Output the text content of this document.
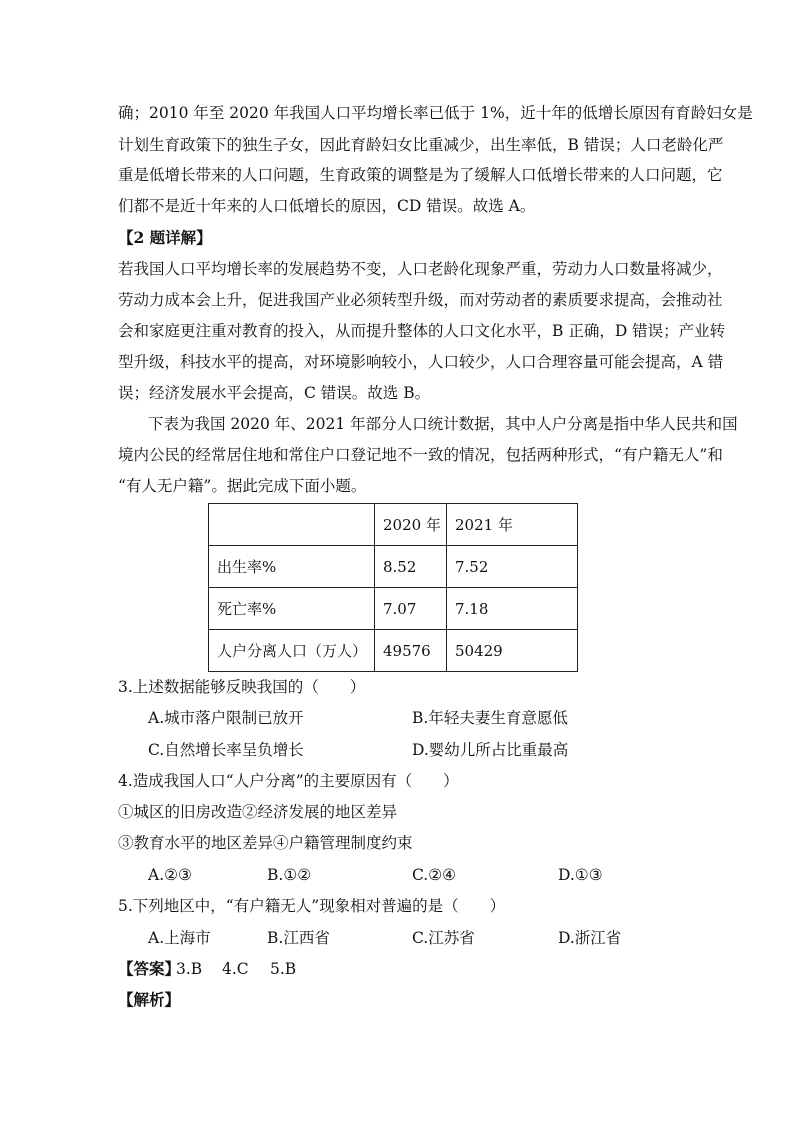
确；2010 年至 2020 年我国人口平均增长率已低于 1%，近十年的低增长原因有育龄妇女是
计划生育政策下的独生子女，因此育龄妇女比重减少，出生率低，B 错误；人口老龄化严
重是低增长带来的人口问题，生育政策的调整是为了缓解人口低增长带来的人口问题，它
们都不是近十年来的人口低增长的原因，CD 错误。故选 A。
【2 题详解】
若我国人口平均增长率的发展趋势不变，人口老龄化现象严重，劳动力人口数量将减少，
劳动力成本会上升，促进我国产业必须转型升级，而对劳动者的素质要求提高，会推动社
会和家庭更注重对教育的投入，从而提升整体的人口文化水平，B 正确，D 错误；产业转
型升级，科技水平的提高，对环境影响较小，人口较少，人口合理容量可能会提高，A 错
误；经济发展水平会提高，C 错误。故选 B。
下表为我国 2020 年、2021 年部分人口统计数据，其中人户分离是指中华人民共和国
境内公民的经常居住地和常住户口登记地不一致的情况，包括两种形式，“有户籍无人”和
“有人无户籍”。据此完成下面小题。
	2020 年	2021 年
出生率%	8.52	7.52
死亡率%	7.07	7.18
人户分离人口（万人）	49576	50429
3.上述数据能够反映我国的（　　）
A.城市落户限制已放开	B.年轻夫妻生育意愿低
C.自然增长率呈负增长	D.婴幼儿所占比重最高
4.造成我国人口“人户分离”的主要原因有（　　）
①城区的旧房改造②经济发展的地区差异
③教育水平的地区差异④户籍管理制度约束
A.②③	B.①②	C.②④	D.①③
5.下列地区中，“有户籍无人”现象相对普遍的是（　　）
A.上海市	B.江西省	C.江苏省	D.浙江省
【答案】
3.B 4.C 5.B
【解析】
